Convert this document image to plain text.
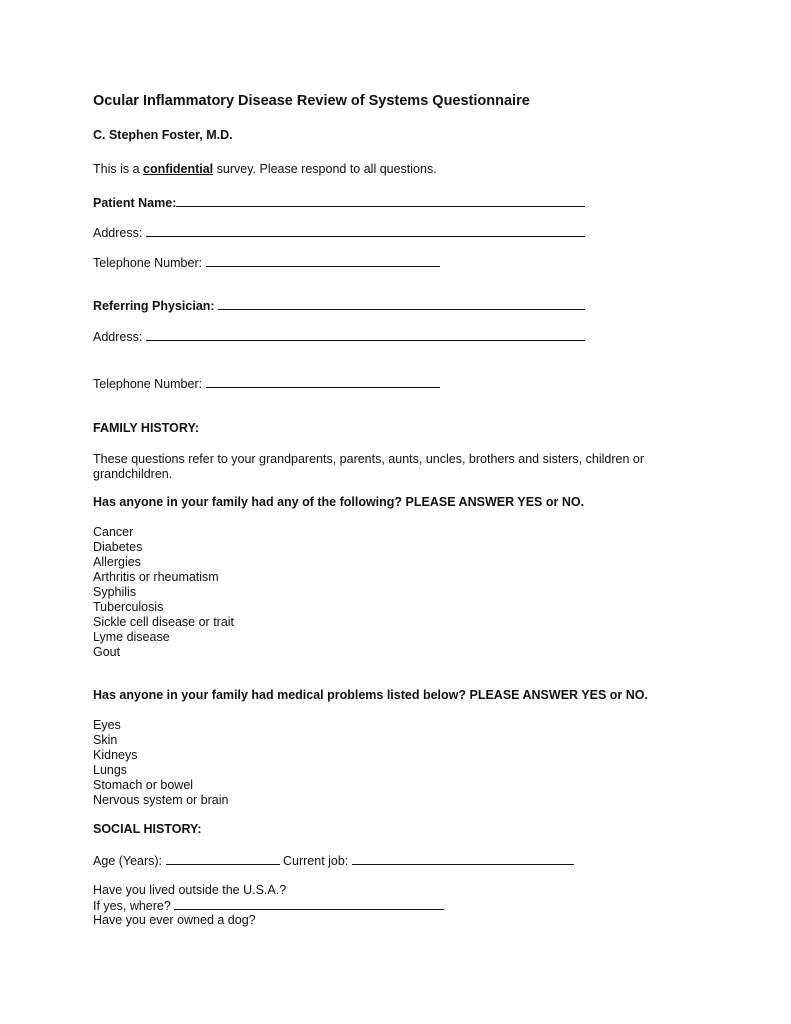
Ocular Inflammatory Disease Review of Systems Questionnaire
C. Stephen Foster, M.D.
This is a confidential survey. Please respond to all questions.
Patient Name:
Address:
Telephone Number:
Referring Physician:
Address:
Telephone Number:
FAMILY HISTORY:
These questions refer to your grandparents, parents, aunts, uncles, brothers and sisters, children or grandchildren.
Has anyone in your family had any of the following? PLEASE ANSWER YES or NO.
Cancer
Diabetes
Allergies
Arthritis or rheumatism
Syphilis
Tuberculosis
Sickle cell disease or trait
Lyme disease
Gout
Has anyone in your family had medical problems listed below? PLEASE ANSWER YES or NO.
Eyes
Skin
Kidneys
Lungs
Stomach or bowel
Nervous system or brain
SOCIAL HISTORY:
Age (Years):	Current job:
Have you lived outside the U.S.A.?
If yes, where?
Have you ever owned a dog?
